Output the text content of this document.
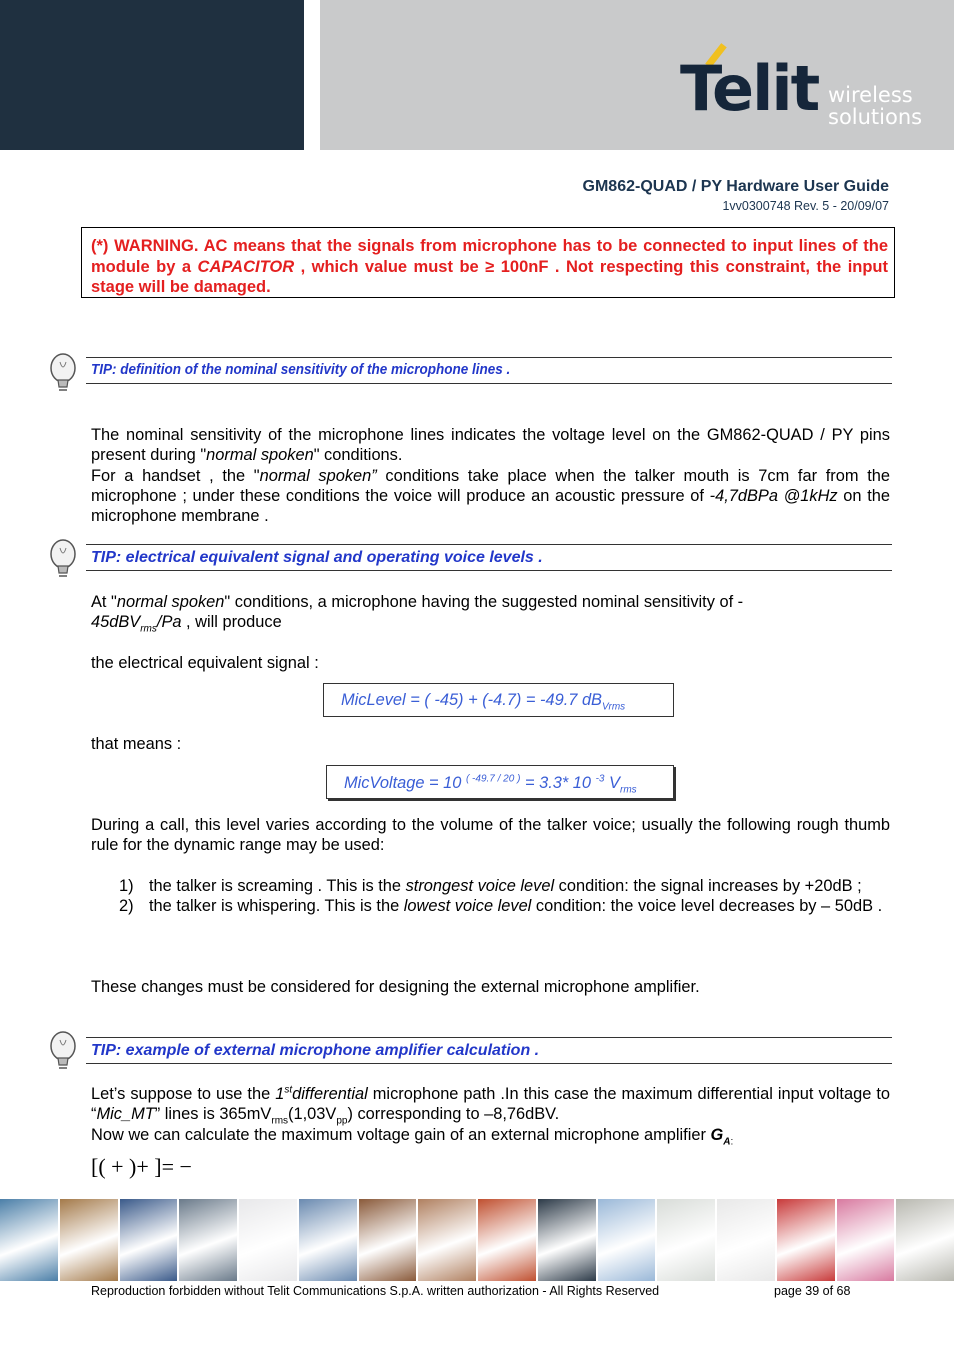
Telit wireless
solutions
GM862-QUAD / PY Hardware User Guide
1vv0300748 Rev. 5 - 20/09/07
(*) WARNING. AC means that the signals from microphone has to be connected to input lines of the module by a CAPACITOR , which value must be ≥ 100nF . Not respecting this constraint, the input stage will be damaged.
TIP: definition of the nominal sensitivity of the microphone lines .
The nominal sensitivity of the microphone lines indicates the voltage level on the GM862-QUAD / PY pins present during "normal spoken" conditions.
For a handset , the "normal spoken” conditions take place when the talker mouth is 7cm far from the microphone ; under these conditions the voice will produce an acoustic pressure of -4,7dBPa @1kHz on the microphone membrane .
TIP: electrical equivalent signal and operating voice levels .
At "normal spoken" conditions, a microphone having the suggested nominal sensitivity of -
45dBV$_{rms}$/Pa , will produce
the electrical equivalent signal :
MicLevel = ( -45) + (-4.7) = -49.7 $dB_{Vrms}$
that means :
MicVoltage = 10 $^{( -49.7 / 20 )}$ = 3.3* 10 $^{-3}$ $V_{rms}$
During a call, this level varies according to the volume of the talker voice; usually the following rough thumb rule for the dynamic range may be used:
1) the talker is screaming . This is the strongest voice level condition: the signal increases by +20dB ;
2) the talker is whispering. This is the lowest voice level condition: the voice level decreases by – 50dB .
These changes must be considered for designing the external microphone amplifier.
TIP: example of external microphone amplifier calculation .
Let’s suppose to use the 1stdifferential microphone path .In this case the maximum differential input voltage to “Mic_MT” lines is $365mV_{rms}(1,03V_{pp})$ corresponding to –8,76dBV.
Now we can calculate the maximum voltage gain of an external microphone amplifier $G_{A:}$
[( + )+ ]= −
Reproduction forbidden without Telit Communications S.p.A. written authorization - All Rights Reserved	page 39 of 68
